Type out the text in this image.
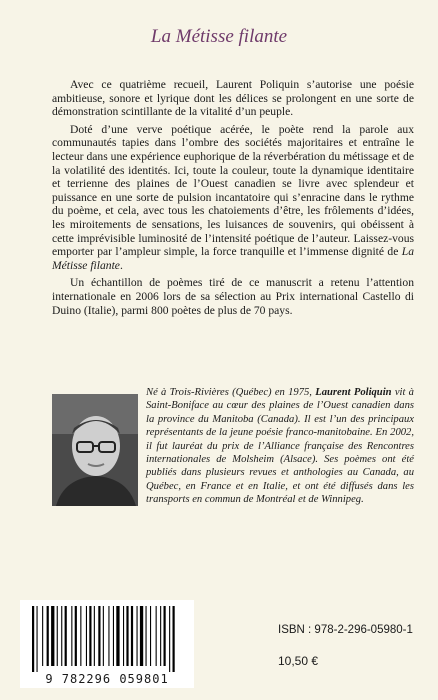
La Métisse filante

Avec ce quatrième recueil, Laurent Poliquin s’autorise une poésie ambitieuse, sonore et lyrique dont les délices se prolongent en une sorte de démonstration scintillante de la vitalité d’un peuple.

Doté d’une verve poétique acérée, le poète rend la parole aux communautés tapies dans l’ombre des sociétés majoritaires et entraîne le lecteur dans une expérience euphorique de la réverbération du métissage et de la volatilité des identités. Ici, toute la couleur, toute la dynamique identitaire et terrienne des plaines de l’Ouest canadien se livre avec splendeur et puissance en une sorte de pulsion incantatoire qui s’enracine dans le rythme du poème, et cela, avec tous les chatoiements d’être, les frôlements d’idées, les miroitements de sensations, les luisances de souvenirs, qui obéissent à cette imprévisible luminosité de l’intensité poétique de l’auteur. Laissez-vous emporter par l’ampleur simple, la force tranquille et l’immense dignité de La Métisse filante.

Un échantillon de poèmes tiré de ce manuscrit a retenu l’attention internationale en 2006 lors de sa sélection au Prix international Castello di Duino (Italie), parmi 800 poètes de plus de 70 pays.

Né à Trois-Rivières (Québec) en 1975, Laurent Poliquin vit à Saint-Boniface au cœur des plaines de l’Ouest canadien dans la province du Manitoba (Canada). Il est l’un des principaux représentants de la jeune poésie franco-manitobaine. En 2002, il fut lauréat du prix de l’Alliance française des Rencontres internationales de Molsheim (Alsace). Ses poèmes ont été publiés dans plusieurs revues et anthologies au Canada, au Québec, en France et en Italie, et ont été diffusés dans les transports en commun de Montréal et de Winnipeg.

9 782296 059801
ISBN : 978-2-296-05980-1
10,50 €
